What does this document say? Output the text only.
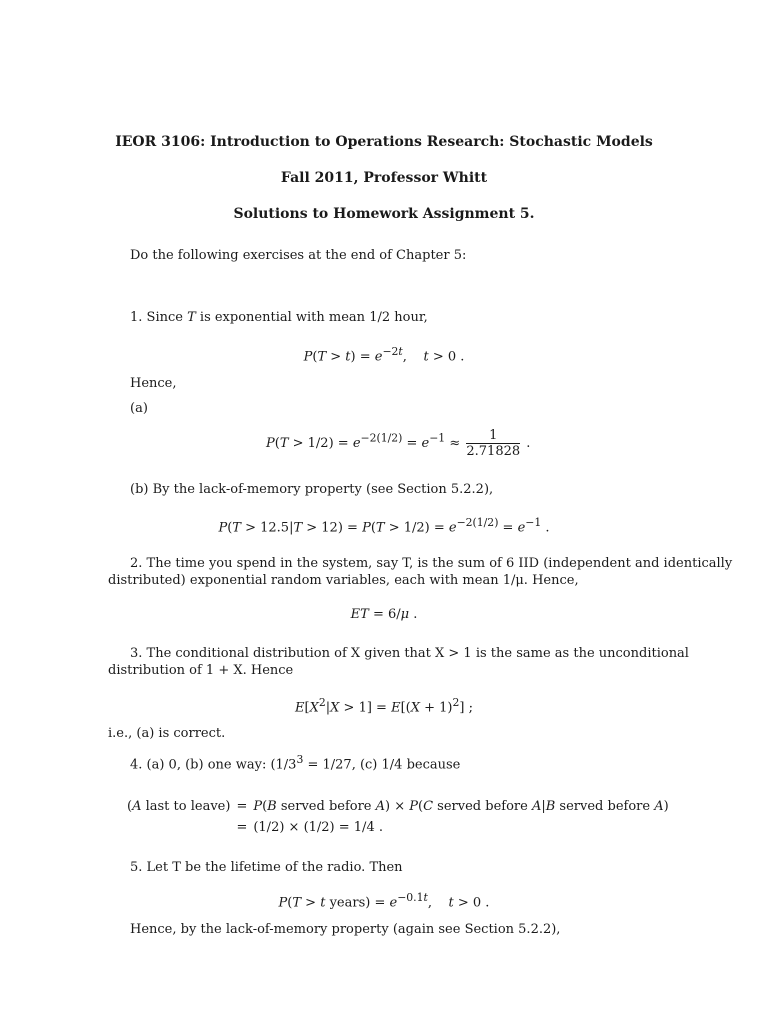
IEOR 3106: Introduction to Operations Research: Stochastic Models
Fall 2011, Professor Whitt
Solutions to Homework Assignment 5.
Do the following exercises at the end of Chapter 5:
1. Since T is exponential with mean 1/2 hour,
$P(T > t) = e^{-2t}$,    t > 0 .
Hence,
(a)
$P(T > 1/2) = e^{-2(1/2)} = e^{-1} \approx \frac{1}{2.71828}$ .
(b) By the lack-of-memory property (see Section 5.2.2),
$P(T > 12.5|T > 12) = P(T > 1/2) = e^{-2(1/2)} = e^{-1}$ .
2. The time you spend in the system, say T, is the sum of 6 IID (independent and identically
distributed) exponential random variables, each with mean 1/μ. Hence,
ET = 6/μ .
3. The conditional distribution of X given that X > 1 is the same as the unconditional
distribution of 1 + X. Hence
$E[X^2|X > 1] = E[(X + 1)^2]$ ;
i.e., (a) is correct.
4. (a) 0, (b) one way: ($1/3^3 = 1/27$, (c) 1/4 because
(A last to leave)	=	P(B served before A) × P(C served before A|B served before A)
	=	(1/2) × (1/2) = 1/4 .
5. Let T be the lifetime of the radio. Then
P(T > t years) = $e^{-0.1t}$,    t > 0 .
Hence, by the lack-of-memory property (again see Section 5.2.2),
